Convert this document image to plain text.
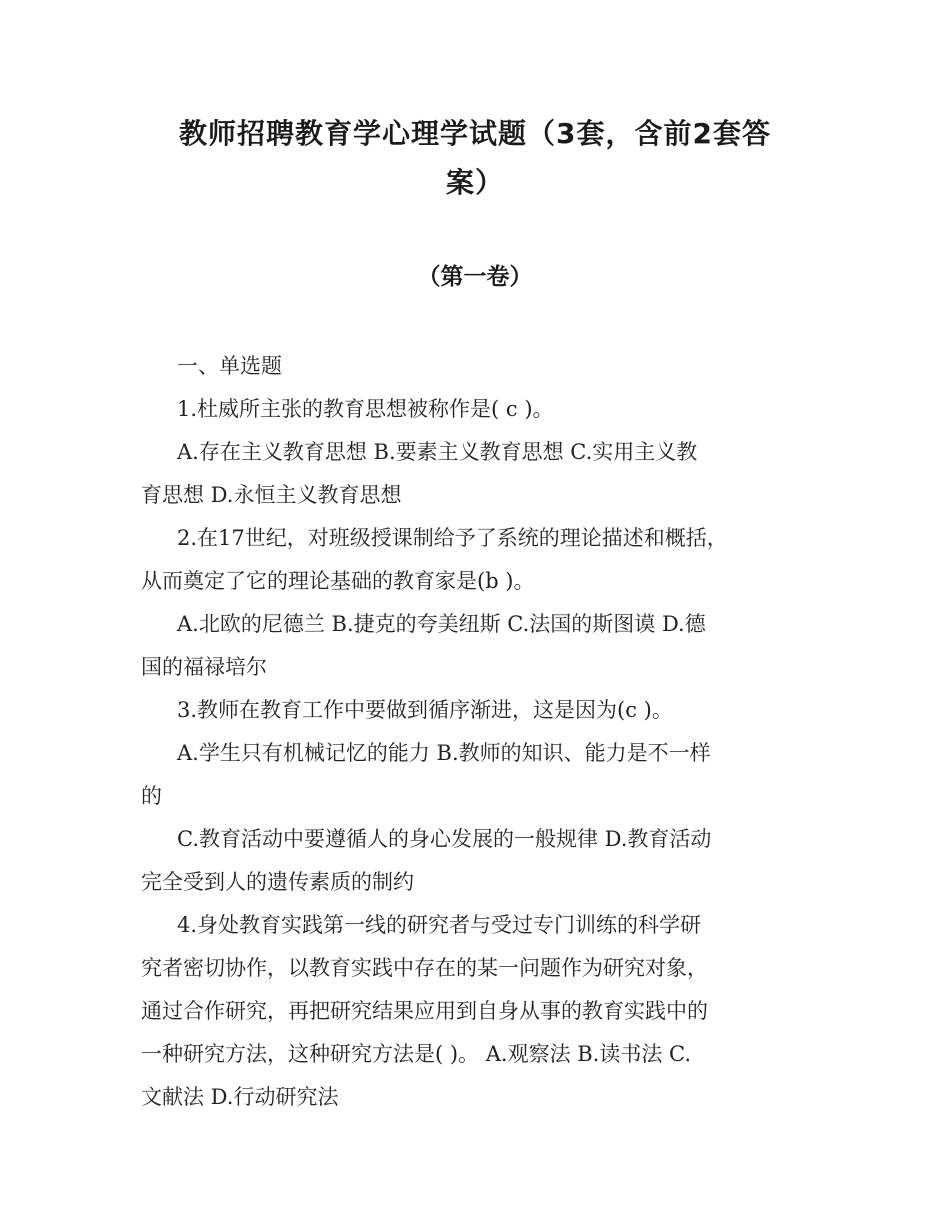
教师招聘教育学心理学试题（3套，含前2套答
案）
（第一卷）
一、单选题
1.杜威所主张的教育思想被称作是( c )。
A.存在主义教育思想 B.要素主义教育思想 C.实用主义教
育思想 D.永恒主义教育思想
2.在17世纪，对班级授课制给予了系统的理论描述和概括，
从而奠定了它的理论基础的教育家是(b )。
A.北欧的尼德兰 B.捷克的夸美纽斯 C.法国的斯图谟 D.德
国的福禄培尔
3.教师在教育工作中要做到循序渐进，这是因为(c )。
A.学生只有机械记忆的能力 B.教师的知识、能力是不一样
的
C.教育活动中要遵循人的身心发展的一般规律 D.教育活动
完全受到人的遗传素质的制约
4.身处教育实践第一线的研究者与受过专门训练的科学研
究者密切协作，以教育实践中存在的某一问题作为研究对象，
通过合作研究，再把研究结果应用到自身从事的教育实践中的
一种研究方法，这种研究方法是( )。 A.观察法 B.读书法 C.
文献法 D.行动研究法
